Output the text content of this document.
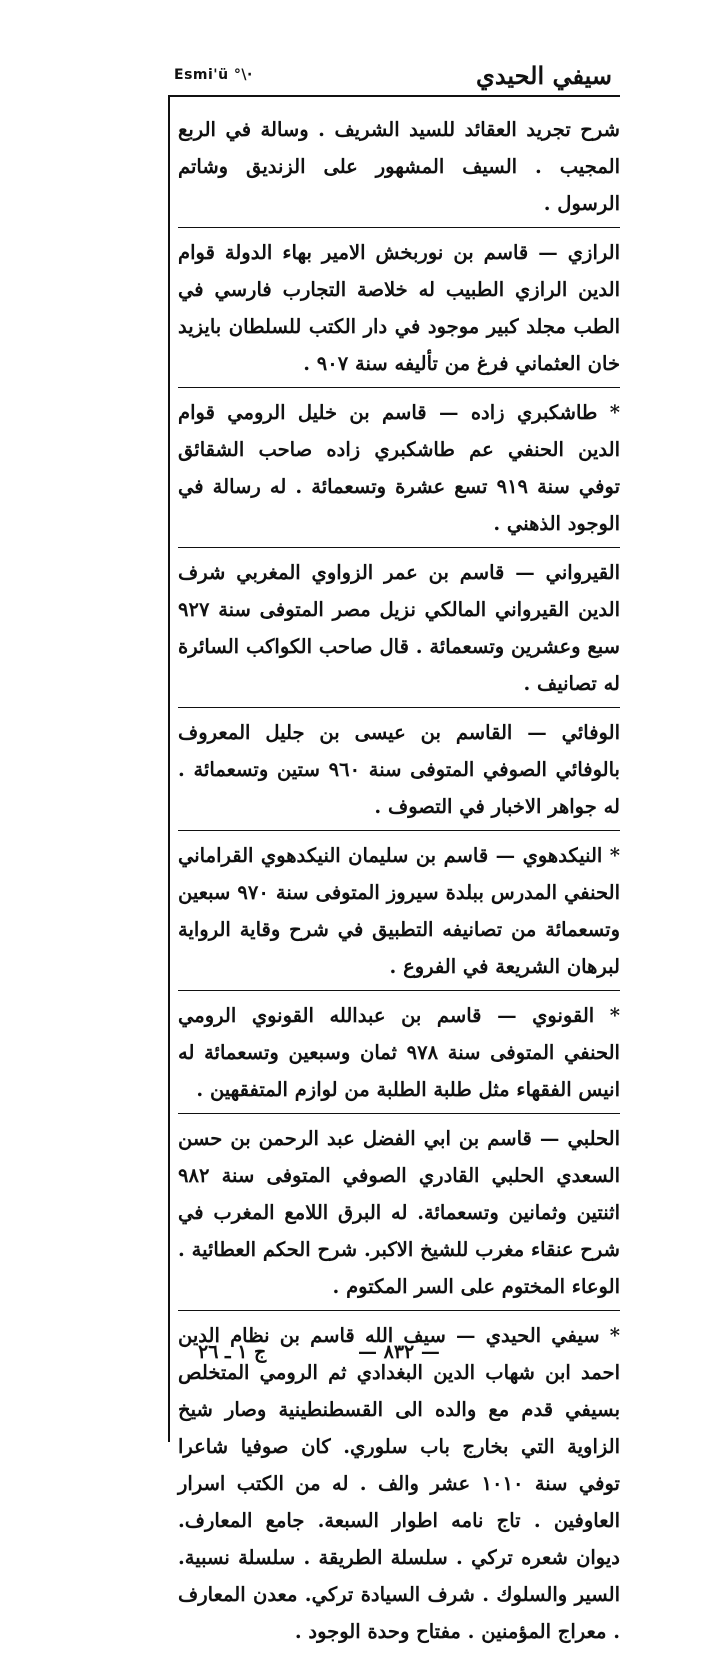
سيفي الحيدي
Esmi'ü °\·

شرح تجريد العقائد للسيد الشريف . وسالة في الربع المجيب . السيف المشهور على الزنديق وشاتم الرسول .

الرازي — قاسم بن نوربخش الامير بهاء الدولة قوام الدين الرازي الطبيب له خلاصة التجارب فارسي في الطب مجلد كبير موجود في دار الكتب للسلطان بايزيد خان العثماني فرغ من تأليفه سنة ٩٠٧ .

* طاشكبري زاده — قاسم بن خليل الرومي قوام الدين الحنفي عم طاشكبري زاده صاحب الشقائق توفي سنة ٩١٩ تسع عشرة وتسعمائة . له رسالة في الوجود الذهني .

القيرواني — قاسم بن عمر الزواوي المغربي شرف الدين القيرواني المالكي نزيل مصر المتوفى سنة ٩٢٧ سبع وعشرين وتسعمائة . قال صاحب الكواكب السائرة له تصانيف .

الوفائي — القاسم بن عيسى بن جليل المعروف بالوفائي الصوفي المتوفى سنة ٩٦٠ ستين وتسعمائة . له جواهر الاخبار في التصوف .

* النيكدهوي — قاسم بن سليمان النيكدهوي القراماني الحنفي المدرس ببلدة سيروز المتوفى سنة ٩٧٠ سبعين وتسعمائة من تصانيفه التطبيق في شرح وقاية الرواية لبرهان الشريعة في الفروع .

* القونوي — قاسم بن عبدالله القونوي الرومي الحنفي المتوفى سنة ٩٧٨ ثمان وسبعين وتسعمائة له انيس الفقهاء مثل طلبة الطلبة من لوازم المتفقهين .

الحلبي — قاسم بن ابي الفضل عبد الرحمن بن حسن السعدي الحلبي القادري الصوفي المتوفى سنة ٩٨٢ اثنتين وثمانين وتسعمائة. له البرق اللامع المغرب في شرح عنقاء مغرب للشيخ الاكبر. شرح الحكم العطائية . الوعاء المختوم على السر المكتوم .

* سيفي الحيدي — سيف الله قاسم بن نظام الدين احمد ابن شهاب الدين البغدادي ثم الرومي المتخلص بسيفي قدم مع والده الى القسطنطينية وصار شيخ الزاوية التي بخارج باب سلوري. كان صوفيا شاعرا توفي سنة ١٠١٠ عشر والف . له من الكتب اسرار العاوفين . تاج نامه اطوار السبعة. جامع المعارف. ديوان شعره تركي . سلسلة الطريقة . سلسلة نسبية. السير والسلوك . شرف السيادة تركي. معدن المعارف . معراج المؤمنين . مفتاح وحدة الوجود .

— ٨٣٢ —
ج ١ ـ ٢٦
